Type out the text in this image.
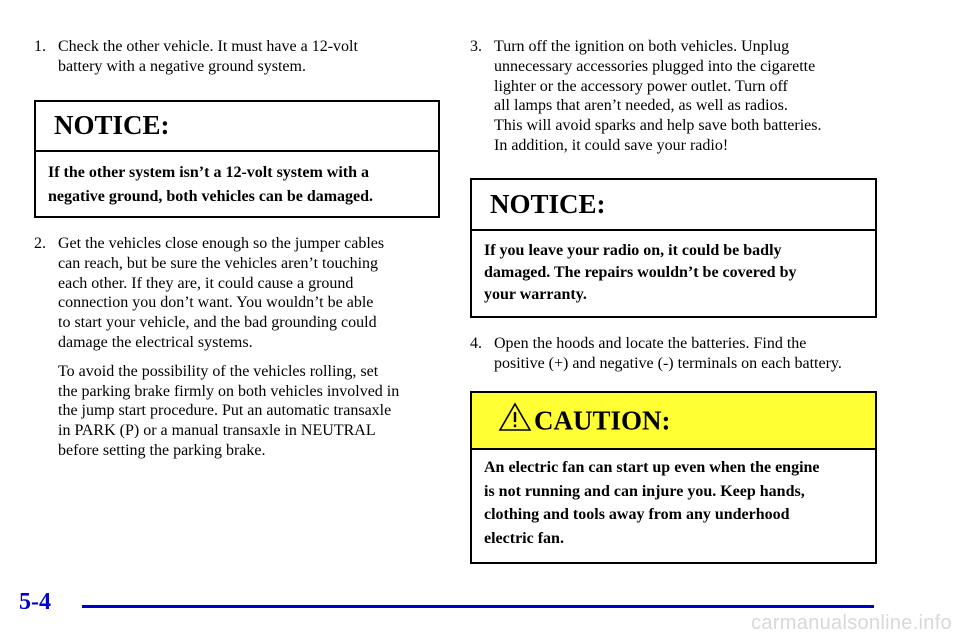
1. Check the other vehicle. It must have a 12-volt
battery with a negative ground system.
NOTICE:
If the other system isn’t a 12-volt system with a
negative ground, both vehicles can be damaged.
2. Get the vehicles close enough so the jumper cables
can reach, but be sure the vehicles aren’t touching
each other. If they are, it could cause a ground
connection you don’t want. You wouldn’t be able
to start your vehicle, and the bad grounding could
damage the electrical systems.
To avoid the possibility of the vehicles rolling, set
the parking brake firmly on both vehicles involved in
the jump start procedure. Put an automatic transaxle
in PARK (P) or a manual transaxle in NEUTRAL
before setting the parking brake.
3. Turn off the ignition on both vehicles. Unplug
unnecessary accessories plugged into the cigarette
lighter or the accessory power outlet. Turn off
all lamps that aren’t needed, as well as radios.
This will avoid sparks and help save both batteries.
In addition, it could save your radio!
NOTICE:
If you leave your radio on, it could be badly
damaged. The repairs wouldn’t be covered by
your warranty.
4. Open the hoods and locate the batteries. Find the
positive (+) and negative (-) terminals on each battery.
CAUTION:
An electric fan can start up even when the engine
is not running and can injure you. Keep hands,
clothing and tools away from any underhood
electric fan.
5-4
carmanualsonline.info
